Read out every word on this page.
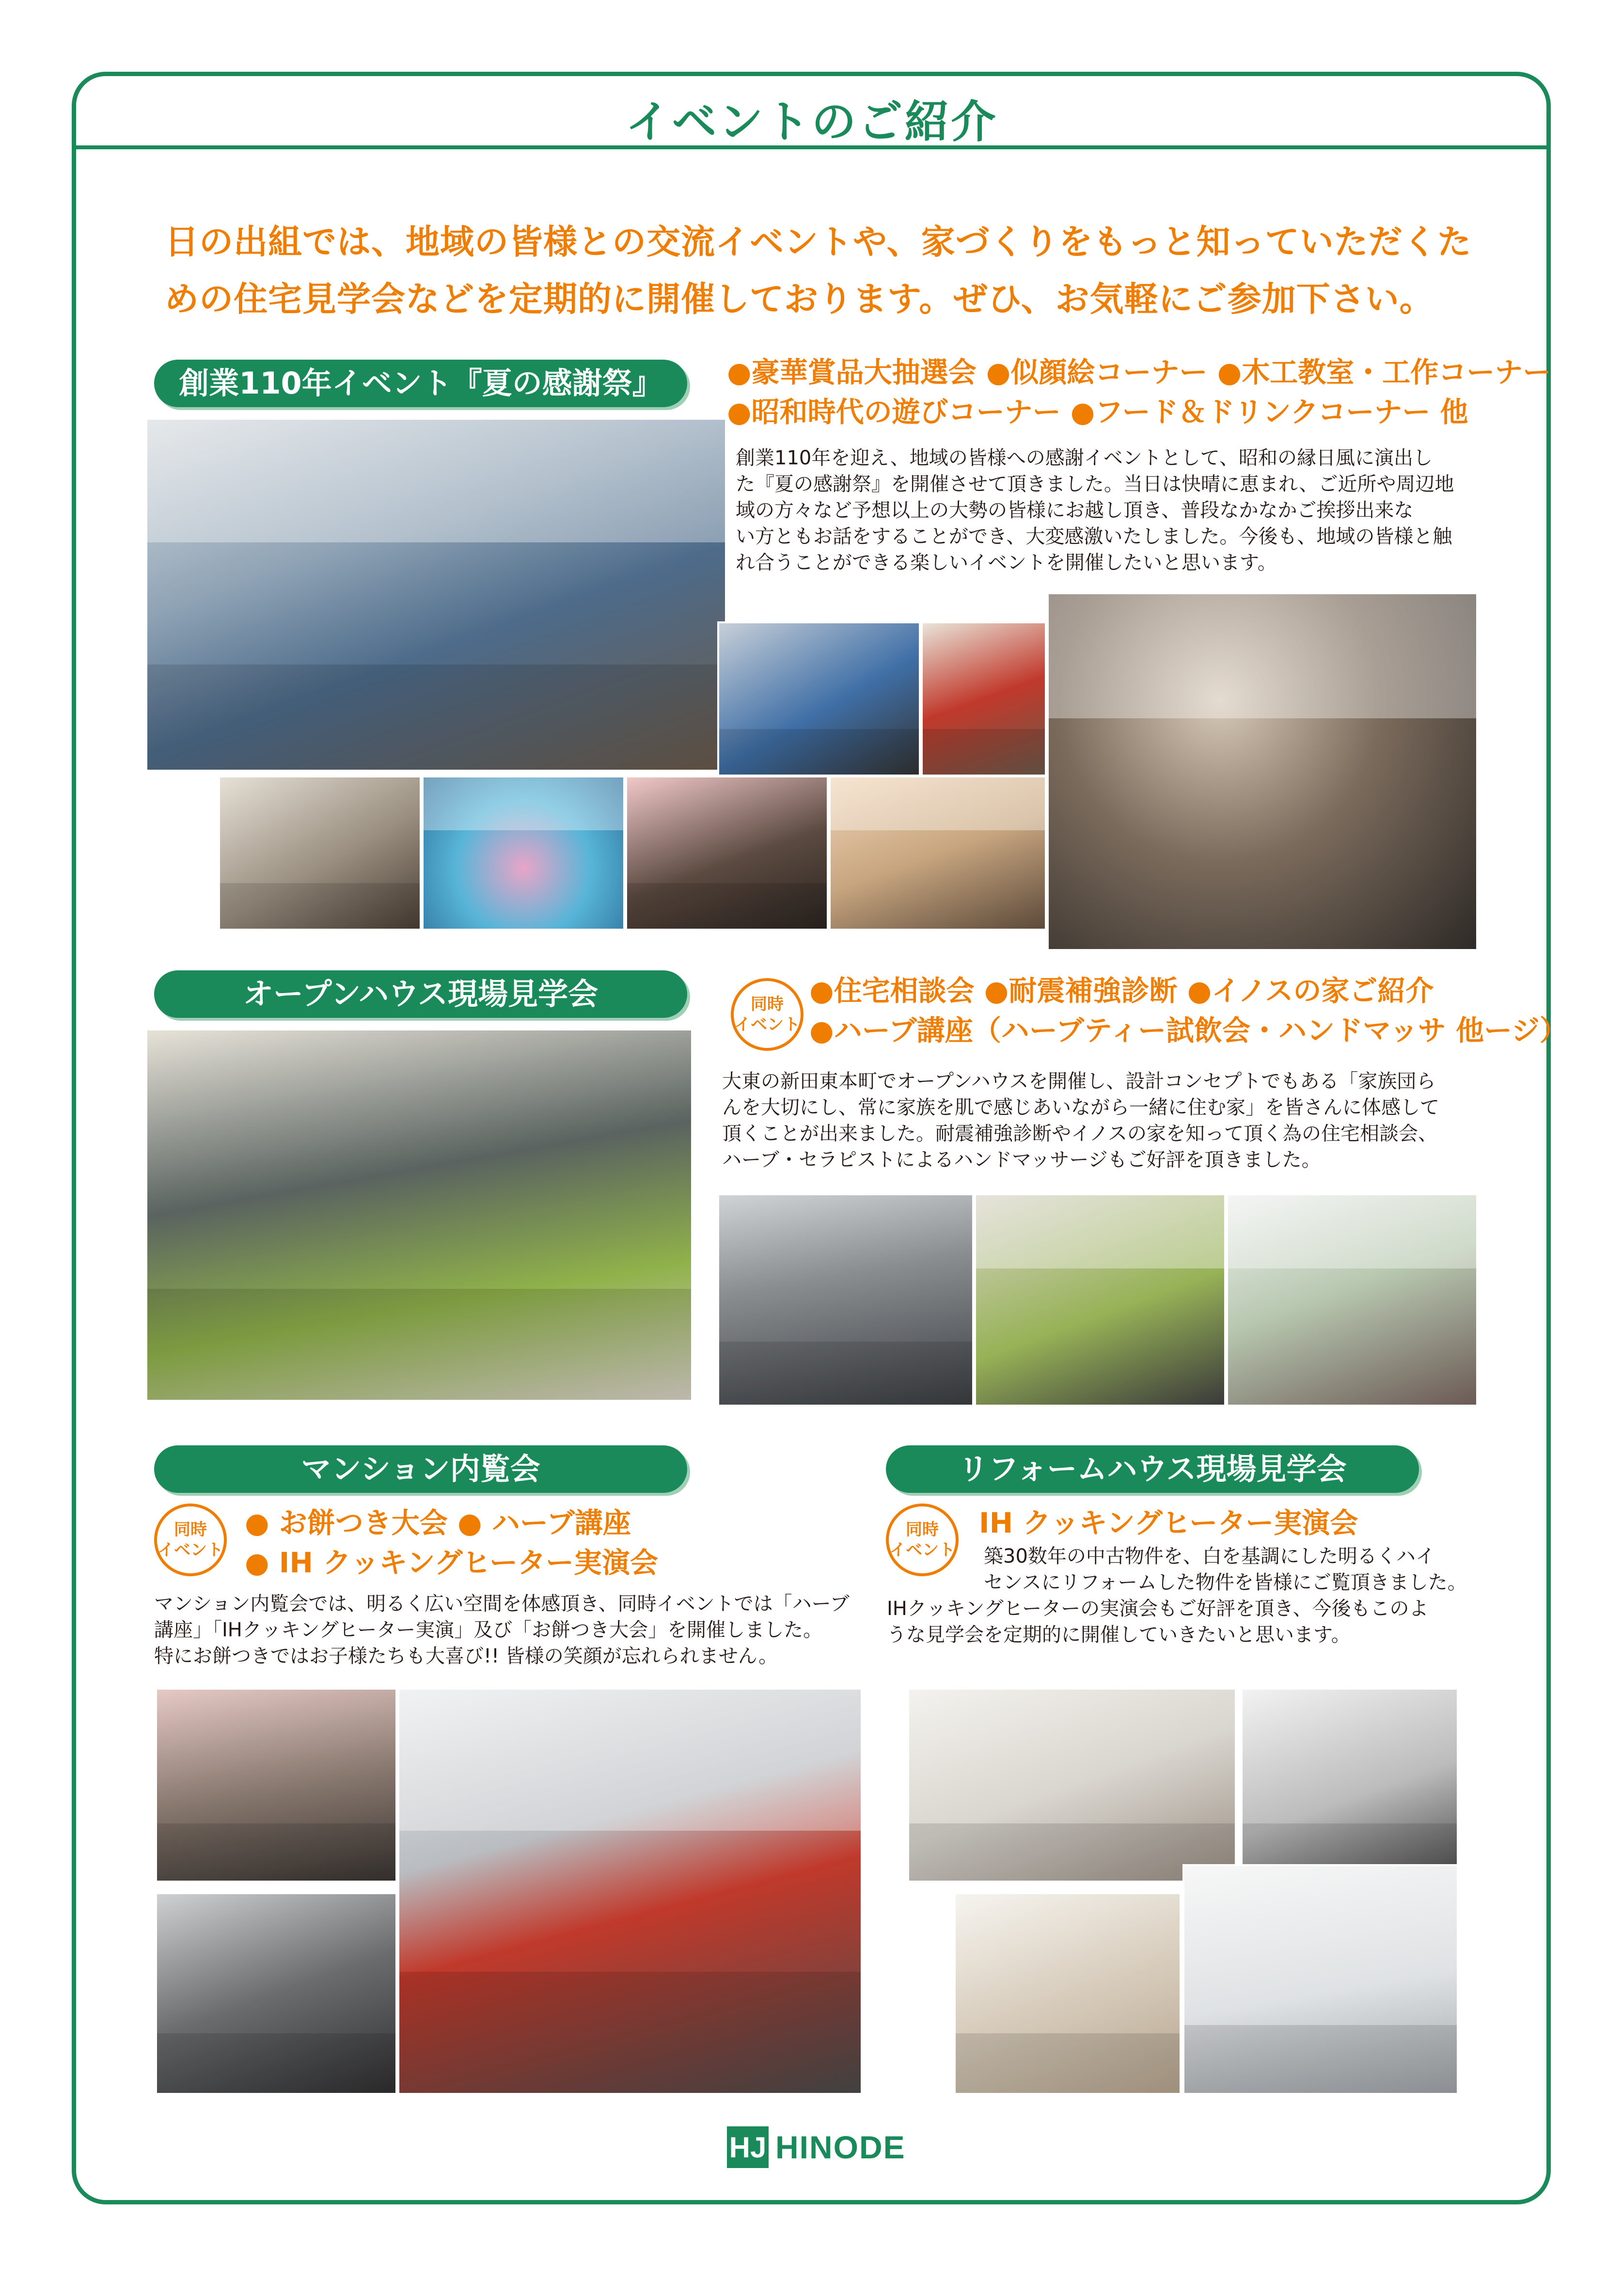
イベントのご紹介
日の出組では、地域の皆様との交流イベントや、家づくりをもっと知っていただくた
めの住宅見学会などを定期的に開催しております。ぜひ、お気軽にご参加下さい。
創業110年イベント『夏の感謝祭』	●豪華賞品大抽選会 ●似顔絵コーナー ●木工教室・工作コーナー
●昭和時代の遊びコーナー ●フード＆ドリンクコーナー 他
創業110年を迎え、地域の皆様への感謝イベントとして、昭和の縁日風に演出し
た『夏の感謝祭』を開催させて頂きました。当日は快晴に恵まれ、ご近所や周辺地
域の方々など予想以上の大勢の皆様にお越し頂き、普段なかなかご挨拶出来な
い方ともお話をすることができ、大変感激いたしました。今後も、地域の皆様と触
れ合うことができる楽しいイベントを開催したいと思います。
オープンハウス現場見学会	同時
イベント
●住宅相談会 ●耐震補強診断 ●イノスの家ご紹介
●ハーブ講座（ハーブティー試飲会・ハンドマッサ 他ージ）
大東の新田東本町でオープンハウスを開催し、設計コンセプトでもある「家族団ら
んを大切にし、常に家族を肌で感じあいながら一緒に住む家」を皆さんに体感して
頂くことが出来ました。耐震補強診断やイノスの家を知って頂く為の住宅相談会、
ハーブ・セラピストによるハンドマッサージもご好評を頂きました。
マンション内覧会
同時
イベント
● お餅つき大会 ● ハーブ講座
● IH クッキングヒーター実演会
マンション内覧会では、明るく広い空間を体感頂き、同時イベントでは「ハーブ
講座」「IHクッキングヒーター実演」及び「お餅つき大会」を開催しました。
特にお餅つきではお子様たちも大喜び!! 皆様の笑顔が忘れられません。
リフォームハウス現場見学会
同時
イベント
IH クッキングヒーター実演会
築30数年の中古物件を、白を基調にした明るくハイ
センスにリフォームした物件を皆様にご覧頂きました。
IHクッキングヒーターの実演会もご好評を頂き、今後もこのよ
うな見学会を定期的に開催していきたいと思います。
HJ HINODE
